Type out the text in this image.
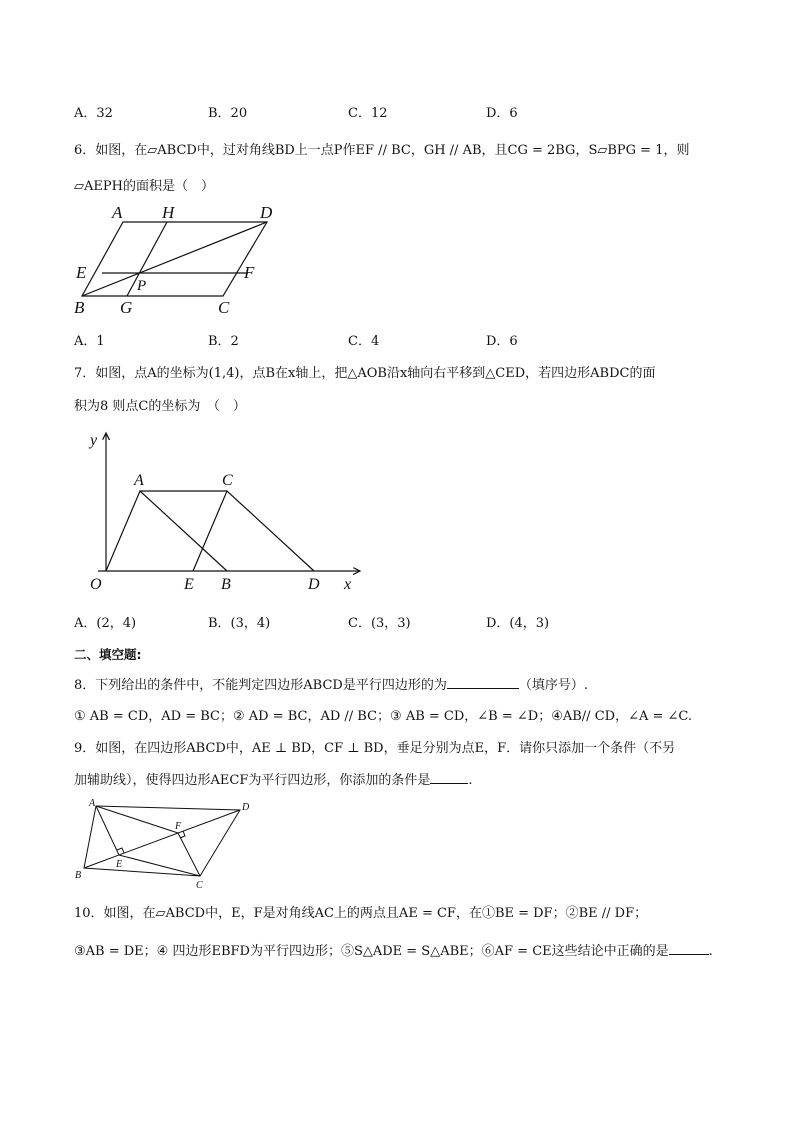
A．32	B．20	C．12	D．6
6．如图，在▱ABCD中，过对角线BD上一点P作EF // BC，GH // AB，且CG = 2BG，S▱BPG = 1，则
▱AEPH的面积是（　）
A H	D
E	F
P
B G	C
A．1	B．2	C．4	D．6
7．如图，点A的坐标为(1,4)，点B在x轴上，把△AOB沿x轴向右平移到△CED，若四边形ABDC的面
积为8 则点C的坐标为　（　）
y
A	C
O	E B	D x
A．(2，4)	B．(3，4)	C．(3，3)	D．(4，3)
二、填空题:
8．下列给出的条件中，不能判定四边形ABCD是平行四边形的为	（填序号）.
① AB = CD，AD = BC；② AD = BC，AD // BC；③ AB = CD，∠B = ∠D；④AB// CD，∠A = ∠C.
9．如图，在四边形ABCD中，AE ⊥ BD，CF ⊥ BD，垂足分别为点E，F．请你只添加一个条件（不另
加辅助线），使得四边形AECF为平行四边形，你添加的条件是	.
A	D
F
E
B
C
10．如图，在▱ABCD中，E，F是对角线AC上的两点且AE = CF，在①BE = DF；②BE // DF；
③AB = DE；④ 四边形EBFD为平行四边形；⑤S△ADE = S△ABE；⑥AF = CE这些结论中正确的是	.
